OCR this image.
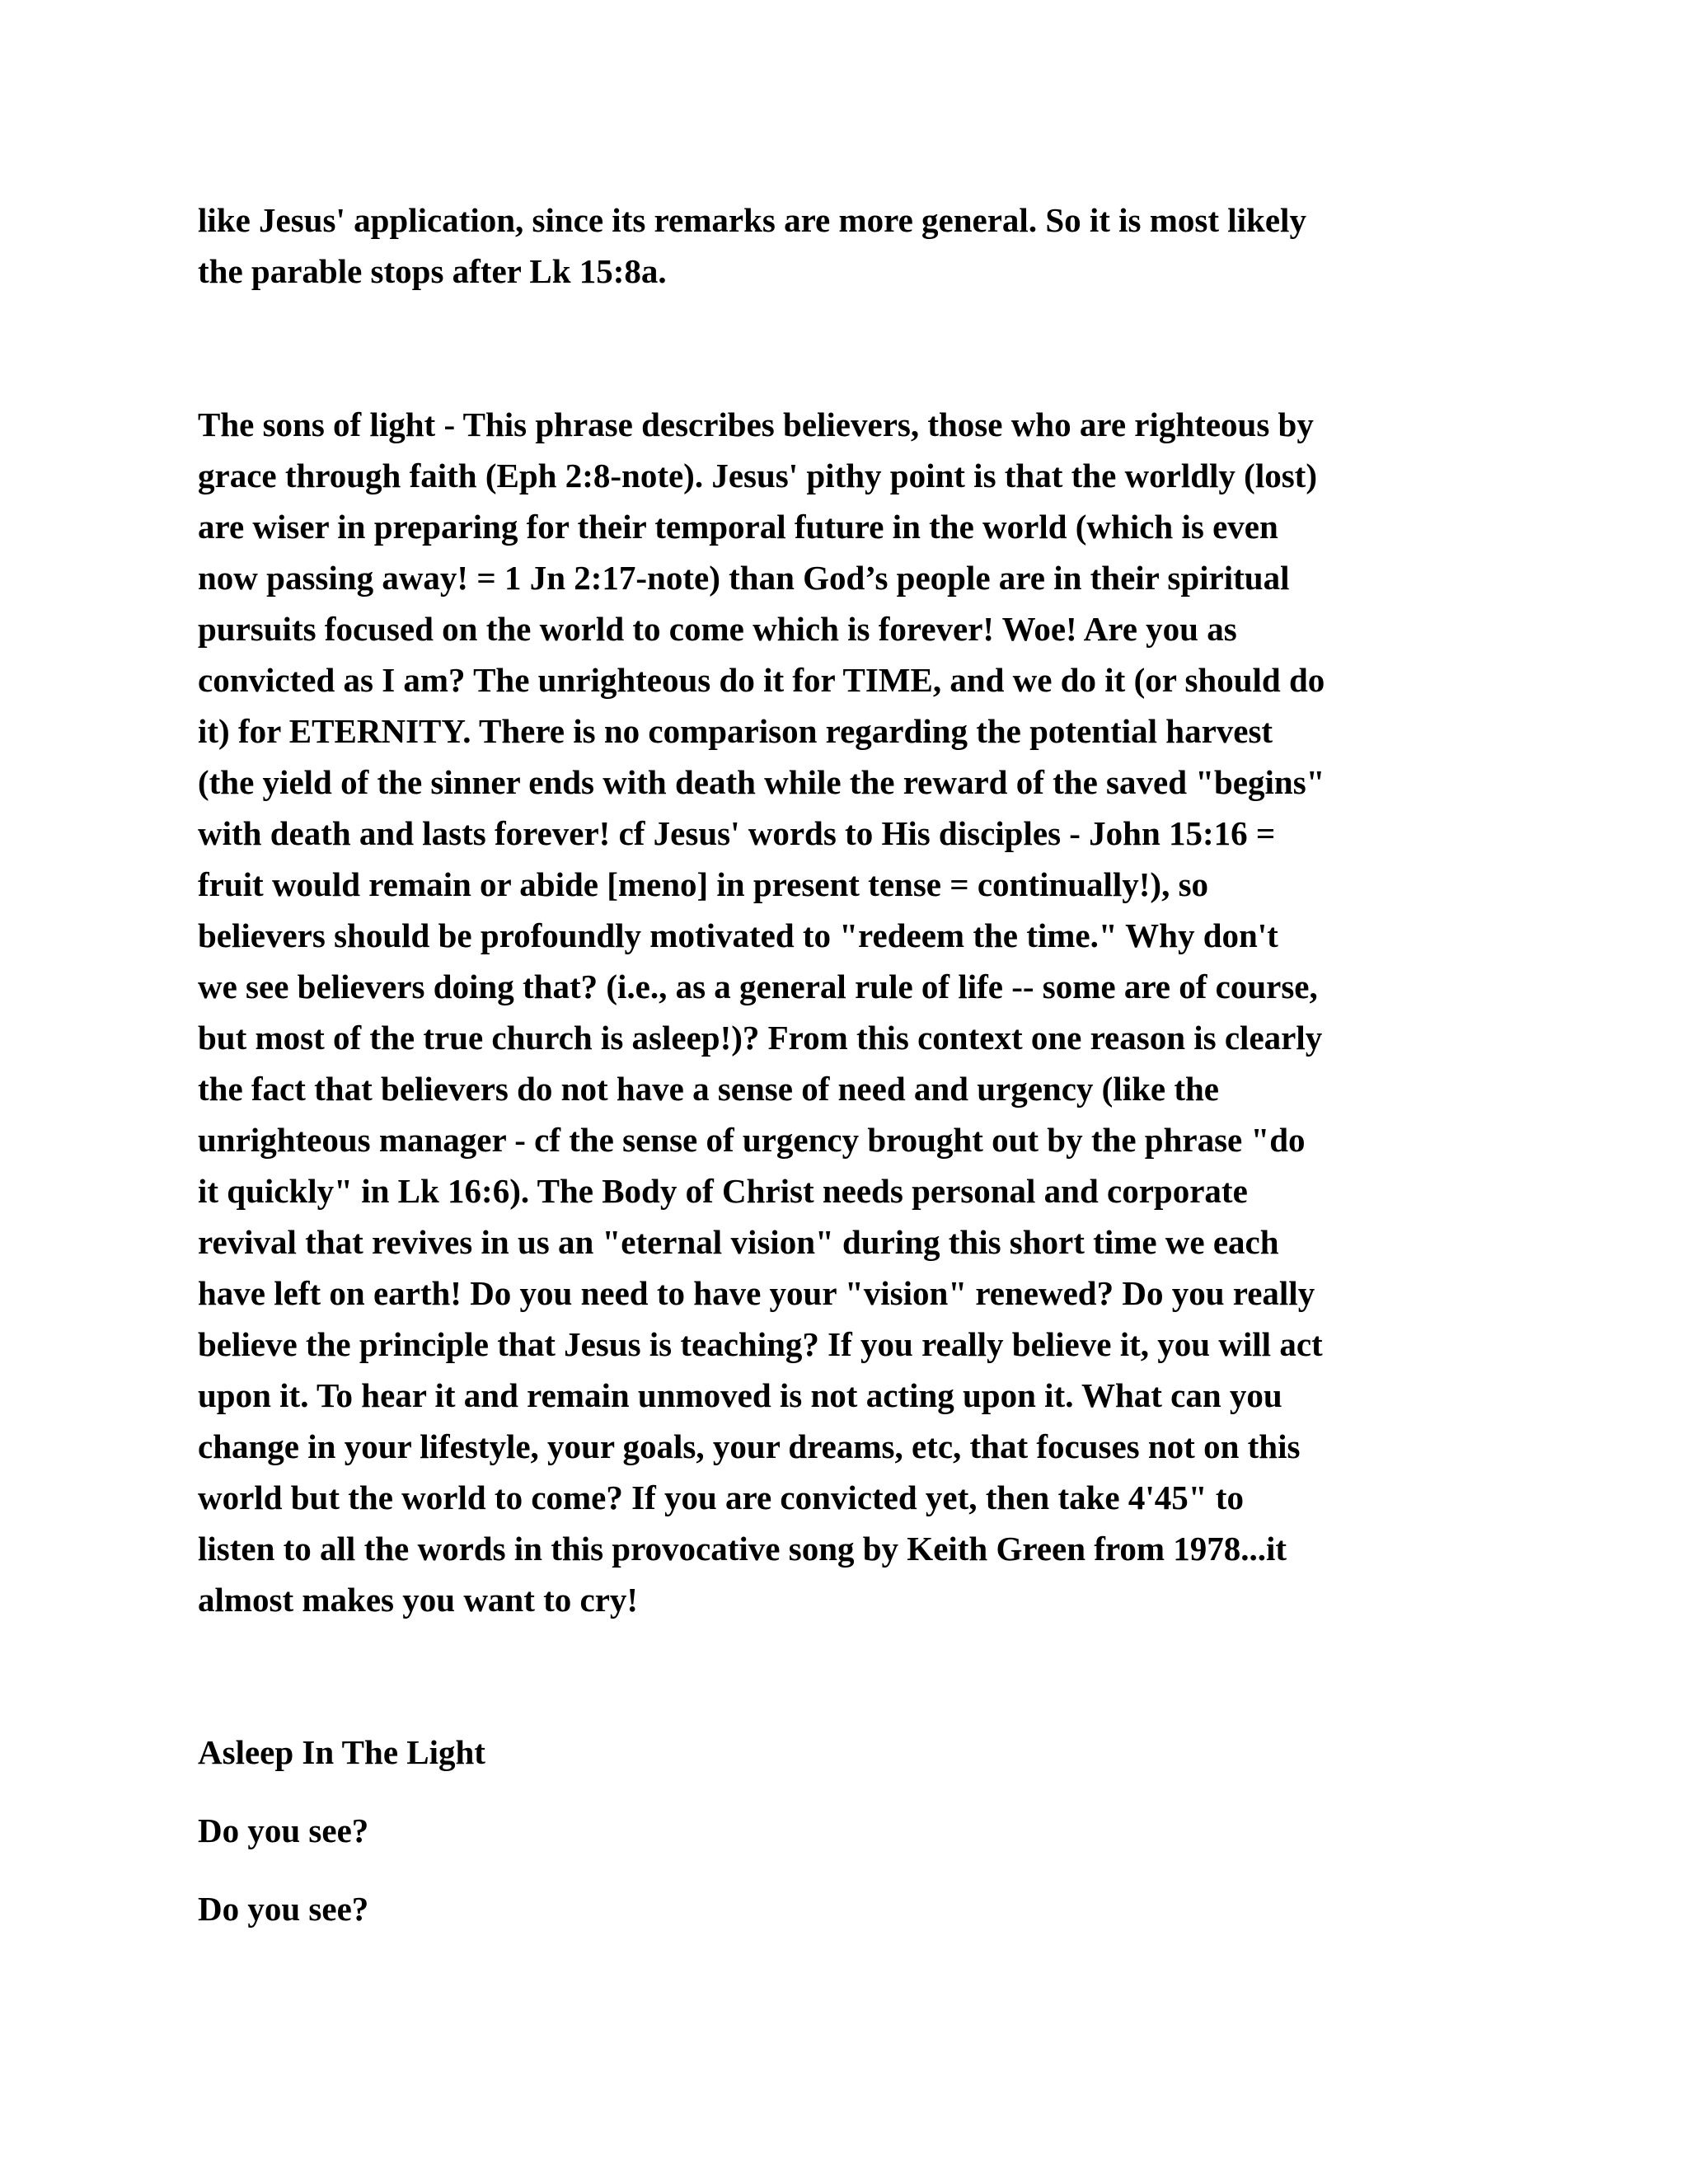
like Jesus' application, since its remarks are more general. So it is most likely
the parable stops after Lk 15:8a.
The sons of light - This phrase describes believers, those who are righteous by
grace through faith (Eph 2:8-note). Jesus' pithy point is that the worldly (lost)
are wiser in preparing for their temporal future in the world (which is even
now passing away! = 1 Jn 2:17-note) than God’s people are in their spiritual
pursuits focused on the world to come which is forever! Woe! Are you as
convicted as I am? The unrighteous do it for TIME, and we do it (or should do
it) for ETERNITY. There is no comparison regarding the potential harvest
(the yield of the sinner ends with death while the reward of the saved "begins"
with death and lasts forever! cf Jesus' words to His disciples - John 15:16 =
fruit would remain or abide [meno] in present tense = continually!), so
believers should be profoundly motivated to "redeem the time." Why don't
we see believers doing that? (i.e., as a general rule of life -- some are of course,
but most of the true church is asleep!)? From this context one reason is clearly
the fact that believers do not have a sense of need and urgency (like the
unrighteous manager - cf the sense of urgency brought out by the phrase "do
it quickly" in Lk 16:6). The Body of Christ needs personal and corporate
revival that revives in us an "eternal vision" during this short time we each
have left on earth! Do you need to have your "vision" renewed? Do you really
believe the principle that Jesus is teaching? If you really believe it, you will act
upon it. To hear it and remain unmoved is not acting upon it. What can you
change in your lifestyle, your goals, your dreams, etc, that focuses not on this
world but the world to come? If you are convicted yet, then take 4'45" to
listen to all the words in this provocative song by Keith Green from 1978...it
almost makes you want to cry!
Asleep In The Light
Do you see?
Do you see?
